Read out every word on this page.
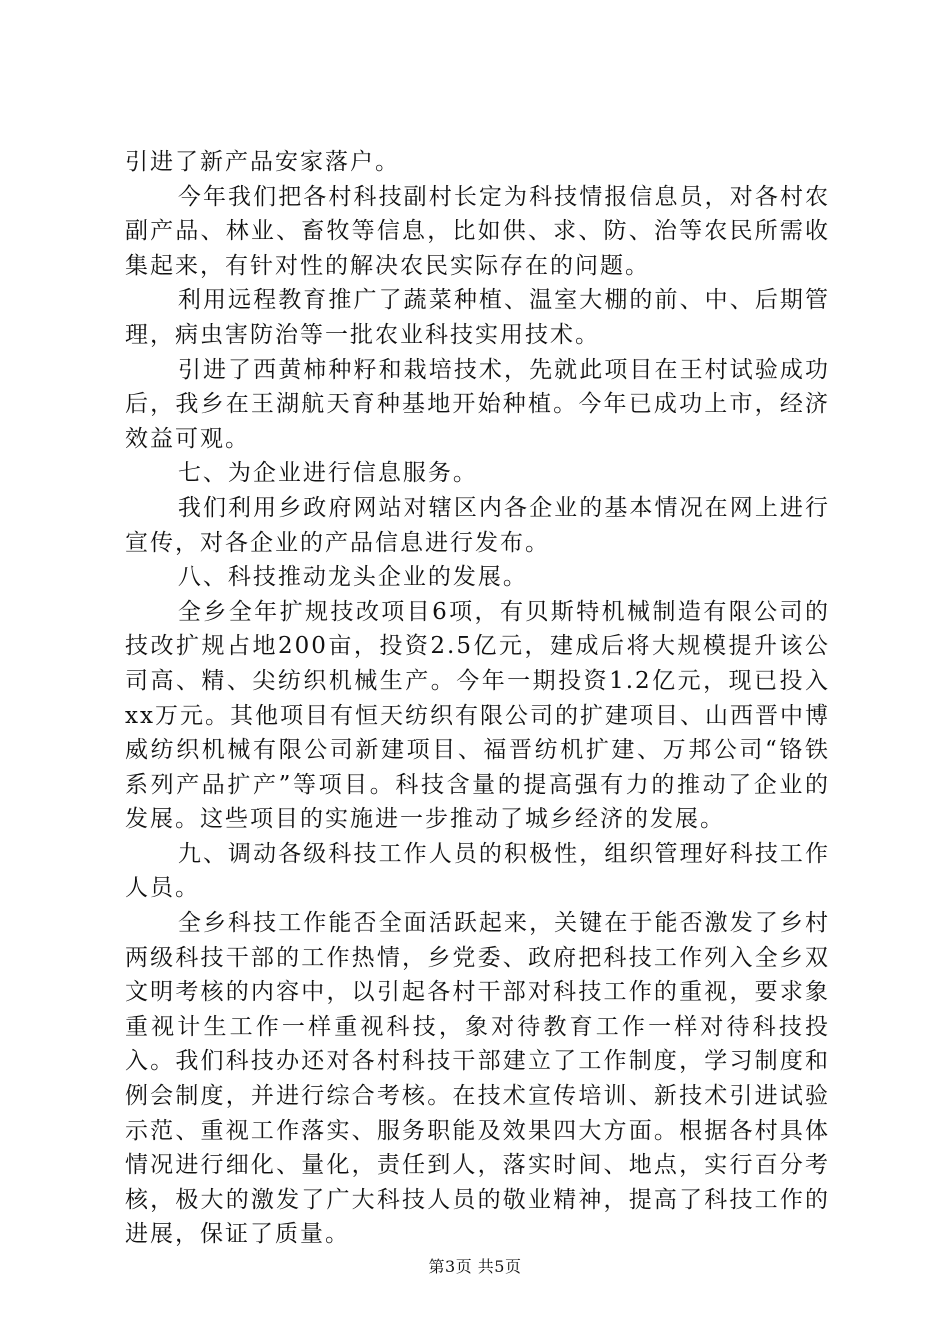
引进了新产品安家落户。

今年我们把各村科技副村长定为科技情报信息员，对各村农副产品、林业、畜牧等信息，比如供、求、防、治等农民所需收集起来，有针对性的解决农民实际存在的问题。

利用远程教育推广了蔬菜种植、温室大棚的前、中、后期管理，病虫害防治等一批农业科技实用技术。

引进了西黄柿种籽和栽培技术，先就此项目在王村试验成功后，我乡在王湖航天育种基地开始种植。今年已成功上市，经济效益可观。

七、为企业进行信息服务。

我们利用乡政府网站对辖区内各企业的基本情况在网上进行宣传，对各企业的产品信息进行发布。

八、科技推动龙头企业的发展。

全乡全年扩规技改项目6项，有贝斯特机械制造有限公司的技改扩规占地200亩，投资2.5亿元，建成后将大规模提升该公司高、精、尖纺织机械生产。今年一期投资1.2亿元，现已投入xx万元。其他项目有恒天纺织有限公司的扩建项目、山西晋中博威纺织机械有限公司新建项目、福晋纺机扩建、万邦公司“铬铁系列产品扩产”等项目。科技含量的提高强有力的推动了企业的发展。这些项目的实施进一步推动了城乡经济的发展。

九、调动各级科技工作人员的积极性，组织管理好科技工作人员。

全乡科技工作能否全面活跃起来，关键在于能否激发了乡村两级科技干部的工作热情，乡党委、政府把科技工作列入全乡双文明考核的内容中，以引起各村干部对科技工作的重视，要求象重视计生工作一样重视科技，象对待教育工作一样对待科技投入。我们科技办还对各村科技干部建立了工作制度，学习制度和例会制度，并进行综合考核。在技术宣传培训、新技术引进试验示范、重视工作落实、服务职能及效果四大方面。根据各村具体情况进行细化、量化，责任到人，落实时间、地点，实行百分考核，极大的激发了广大科技人员的敬业精神，提高了科技工作的进展，保证了质量。

第3页 共5页
